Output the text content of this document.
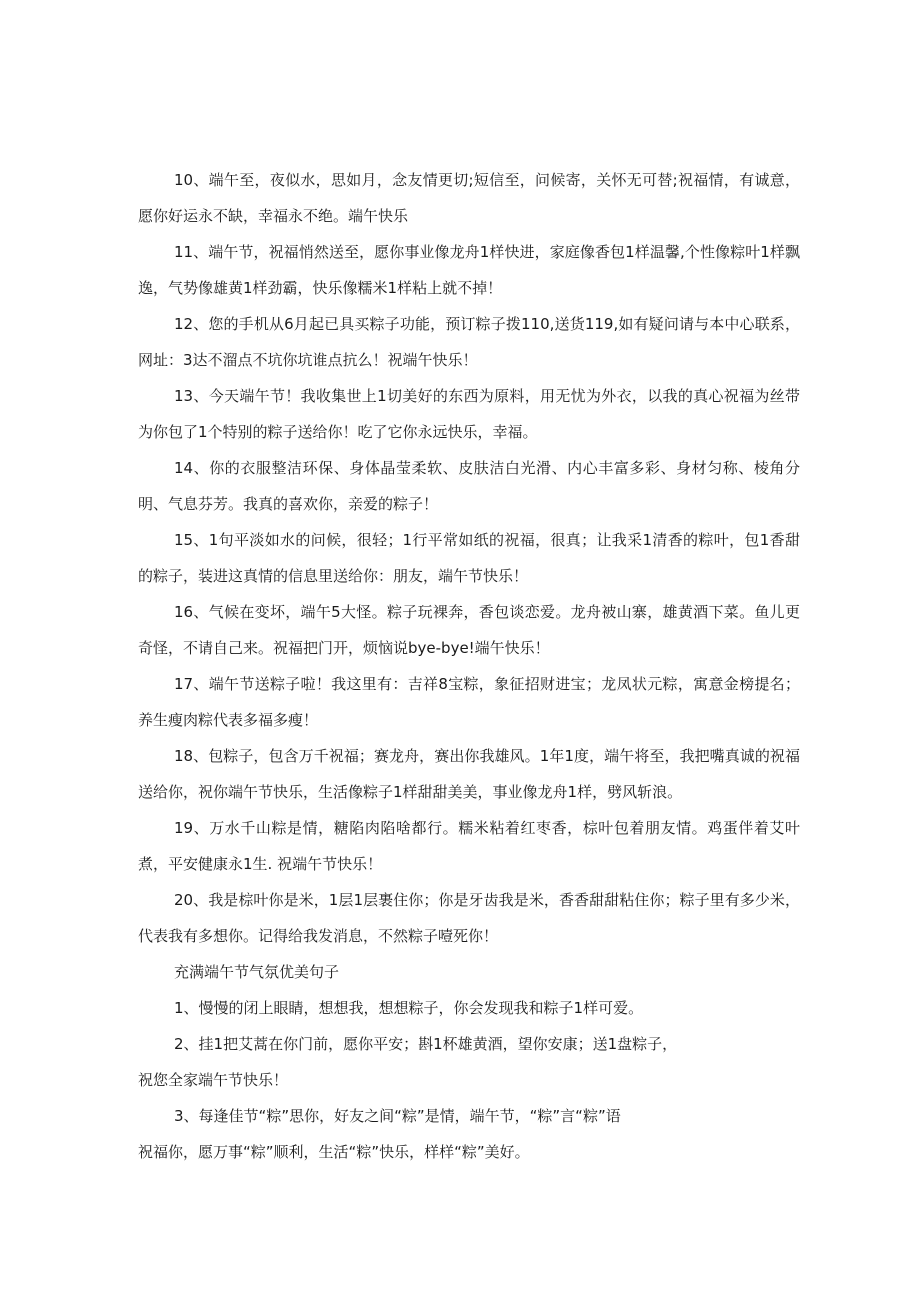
10、端午至，夜似水，思如月，念友情更切;短信至，问候寄，关怀无可替;祝福情，有诚意，愿你好运永不缺，幸福永不绝。端午快乐

11、端午节，祝福悄然送至，愿你事业像龙舟1样快进，家庭像香包1样温馨,个性像粽叶1样飘逸，气势像雄黄1样劲霸，快乐像糯米1样粘上就不掉！

12、您的手机从6月起已具买粽子功能，预订粽子拨110,送货119,如有疑问请与本中心联系，网址：3达不溜点不坑你坑谁点抗么！祝端午快乐！

13、今天端午节！我收集世上1切美好的东西为原料，用无忧为外衣，以我的真心祝福为丝带为你包了1个特别的粽子送给你！吃了它你永远快乐，幸福。

14、你的衣服整洁环保、身体晶莹柔软、皮肤洁白光滑、内心丰富多彩、身材匀称、棱角分明、气息芬芳。我真的喜欢你，亲爱的粽子！

15、1句平淡如水的问候，很轻；1行平常如纸的祝福，很真；让我采1清香的粽叶，包1香甜的粽子，装进这真情的信息里送给你：朋友，端午节快乐！

16、气候在变坏，端午5大怪。粽子玩裸奔，香包谈恋爱。龙舟被山寨，雄黄酒下菜。鱼儿更奇怪，不请自己来。祝福把门开，烦恼说bye-bye!端午快乐！

17、端午节送粽子啦！我这里有：吉祥8宝粽，象征招财进宝；龙凤状元粽，寓意金榜提名；养生瘦肉粽代表多福多瘦！

18、包粽子，包含万千祝福；赛龙舟，赛出你我雄风。1年1度，端午将至，我把嘴真诚的祝福送给你，祝你端午节快乐，生活像粽子1样甜甜美美，事业像龙舟1样，劈风斩浪。

19、万水千山粽是情，糖陷肉陷啥都行。糯米粘着红枣香，棕叶包着朋友情。鸡蛋伴着艾叶煮，平安健康永1生. 祝端午节快乐！

20、我是棕叶你是米，1层1层裹住你；你是牙齿我是米，香香甜甜粘住你；粽子里有多少米，代表我有多想你。记得给我发消息，不然粽子噎死你！

充满端午节气氛优美句子

1、慢慢的闭上眼睛，想想我，想想粽子，你会发现我和粽子1样可爱。

2、挂1把艾蒿在你门前，愿你平安；斟1杯雄黄酒，望你安康；送1盘粽子，

祝您全家端午节快乐！

3、每逢佳节“粽”思你，好友之间“粽”是情，端午节，“粽”言“粽”语

祝福你，愿万事“粽”顺利，生活“粽”快乐，样样“粽”美好。
